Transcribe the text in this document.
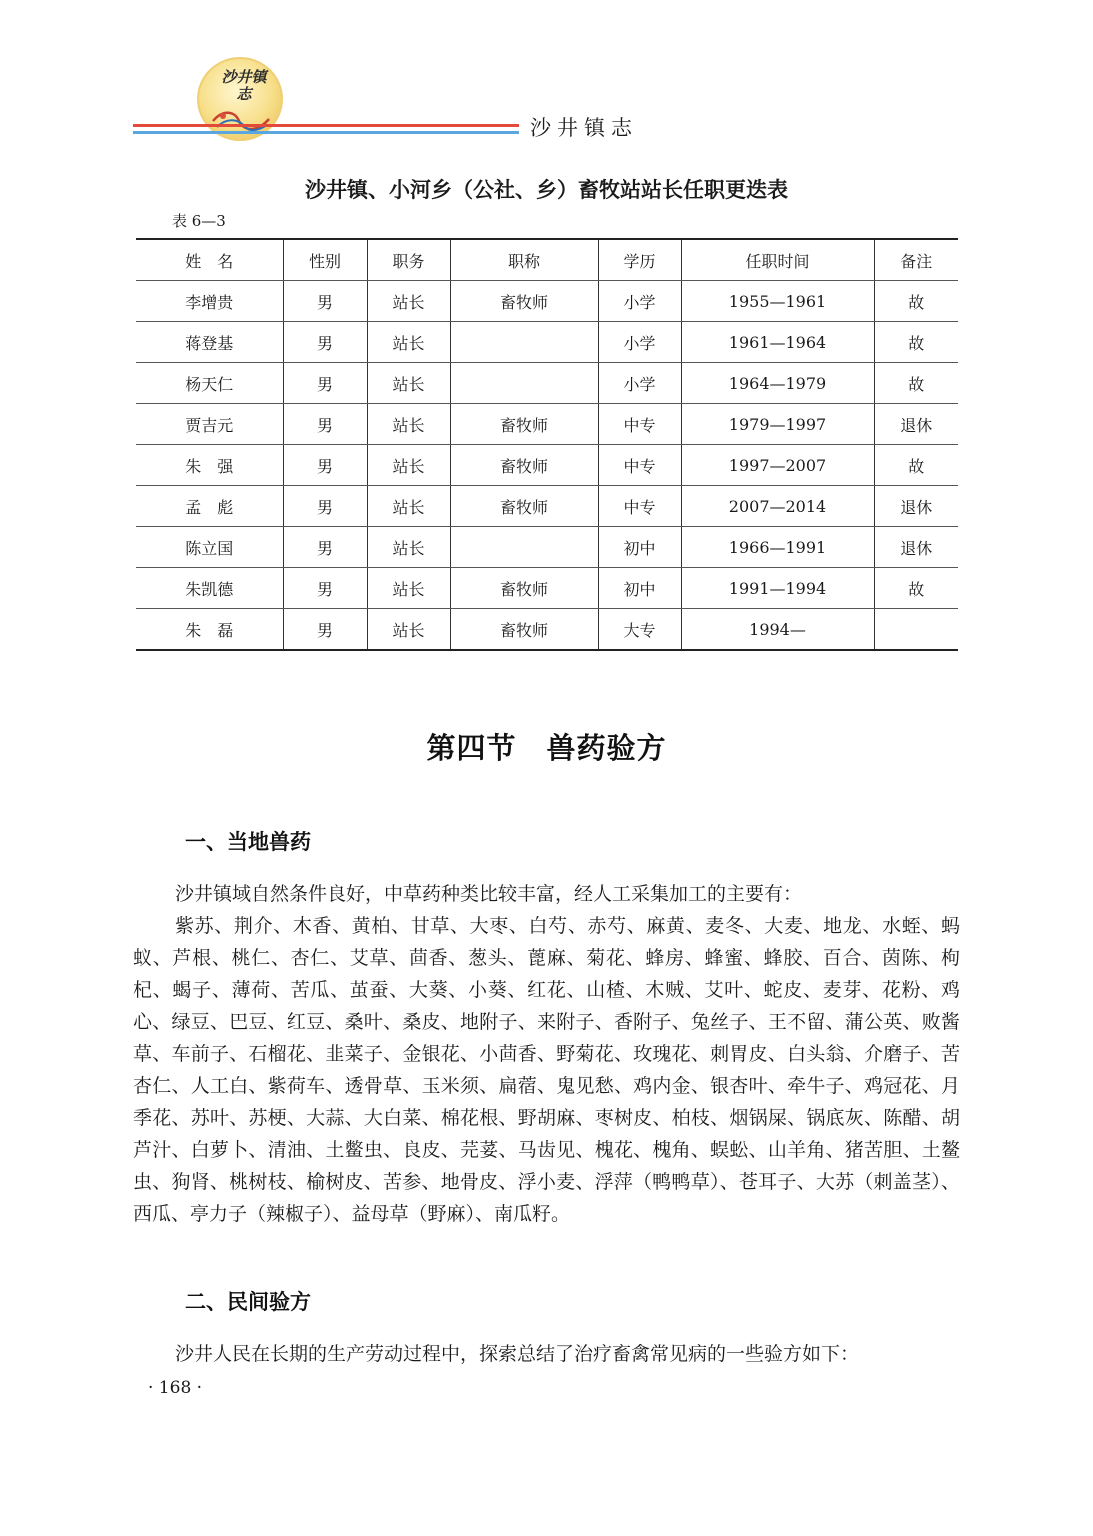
沙井镇志
沙井镇志
沙井镇、小河乡（公社、乡）畜牧站站长任职更迭表
表 6—3
姓　名	性别	职务	职称	学历	任职时间	备注
李增贵	男	站长	畜牧师	小学	1955—1961	故
蒋登基	男	站长		小学	1961—1964	故
杨天仁	男	站长		小学	1964—1979	故
贾吉元	男	站长	畜牧师	中专	1979—1997	退休
朱　强	男	站长	畜牧师	中专	1997—2007	故
孟　彪	男	站长	畜牧师	中专	2007—2014	退休
陈立国	男	站长		初中	1966—1991	退休
朱凯德	男	站长	畜牧师	初中	1991—1994	故
朱　磊	男	站长	畜牧师	大专	1994—	
第四节　兽药验方
一、当地兽药

沙井镇域自然条件良好，中草药种类比较丰富，经人工采集加工的主要有：

紫苏、荆介、木香、黄柏、甘草、大枣、白芍、赤芍、麻黄、麦冬、大麦、地龙、水蛭、蚂蚁、芦根、桃仁、杏仁、艾草、茴香、葱头、蓖麻、菊花、蜂房、蜂蜜、蜂胶、百合、茵陈、枸杞、蝎子、薄荷、苦瓜、茧蚕、大葵、小葵、红花、山楂、木贼、艾叶、蛇皮、麦芽、花粉、鸡心、绿豆、巴豆、红豆、桑叶、桑皮、地附子、来附子、香附子、兔丝子、王不留、蒲公英、败酱草、车前子、石榴花、韭菜子、金银花、小茴香、野菊花、玫瑰花、刺胃皮、白头翁、介磨子、苦杏仁、人工白、紫荷车、透骨草、玉米须、扁蓿、鬼见愁、鸡内金、银杏叶、牵牛子、鸡冠花、月季花、苏叶、苏梗、大蒜、大白菜、棉花根、野胡麻、枣树皮、柏枝、烟锅屎、锅底灰、陈醋、胡芦汁、白萝卜、清油、土鳖虫、良皮、芫荽、马齿见、槐花、槐角、蜈蚣、山羊角、猪苦胆、土鳌虫、狗肾、桃树枝、榆树皮、苦参、地骨皮、浮小麦、浮萍（鸭鸭草）、苍耳子、大苏（刺盖茎）、西瓜、亭力子（辣椒子）、益母草（野麻）、南瓜籽。

二、民间验方

沙井人民在长期的生产劳动过程中，探索总结了治疗畜禽常见病的一些验方如下：

· 168 ·
